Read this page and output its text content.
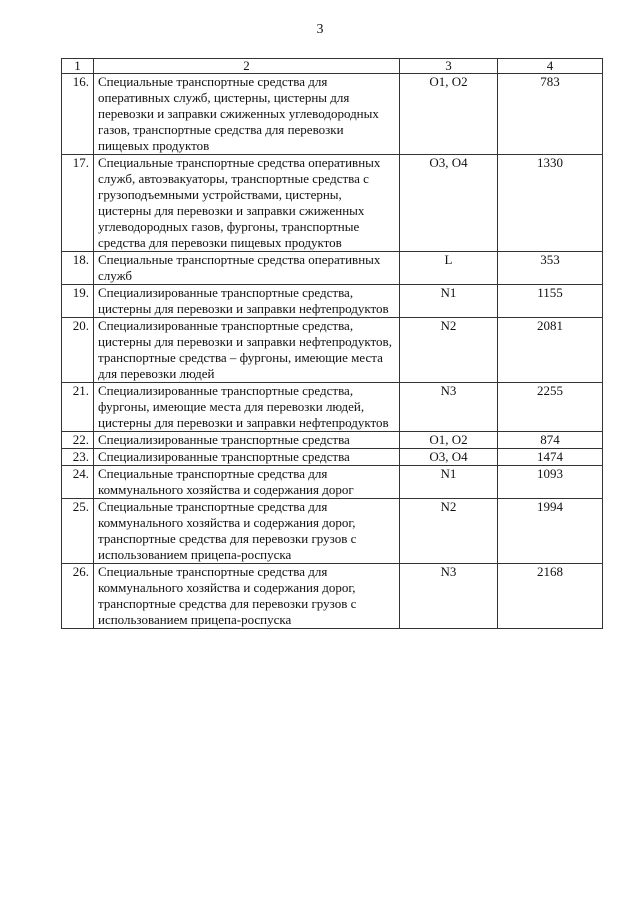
3
1	2	3	4
16.	Специальные транспортные средства для оперативных служб, цистерны, цистерны для перевозки и заправки сжиженных углеводородных газов, транспортные средства для перевозки пищевых продуктов	O1, O2	783
17.	Специальные транспортные средства оперативных служб, автоэвакуаторы, транспортные средства с грузоподъемными устройствами, цистерны, цистерны для перевозки и заправки сжиженных углеводородных газов, фургоны, транспортные средства для перевозки пищевых продуктов	O3, O4	1330
18.	Специальные транспортные средства оперативных служб	L	353
19.	Специализированные транспортные средства, цистерны для перевозки и заправки нефтепродуктов	N1	1155
20.	Специализированные транспортные средства, цистерны для перевозки и заправки нефтепродуктов, транспортные средства – фургоны, имеющие места для перевозки людей	N2	2081
21.	Специализированные транспортные средства, фургоны, имеющие места для перевозки людей, цистерны для перевозки и заправки нефтепродуктов	N3	2255
22.	Специализированные транспортные средства	O1, O2	874
23.	Специализированные транспортные средства	O3, O4	1474
24.	Специальные транспортные средства для коммунального хозяйства и содержания дорог	N1	1093
25.	Специальные транспортные средства для коммунального хозяйства и содержания дорог, транспортные средства для перевозки грузов с использованием прицепа-роспуска	N2	1994
26.	Специальные транспортные средства для коммунального хозяйства и содержания дорог, транспортные средства для перевозки грузов с использованием прицепа-роспуска	N3	2168
